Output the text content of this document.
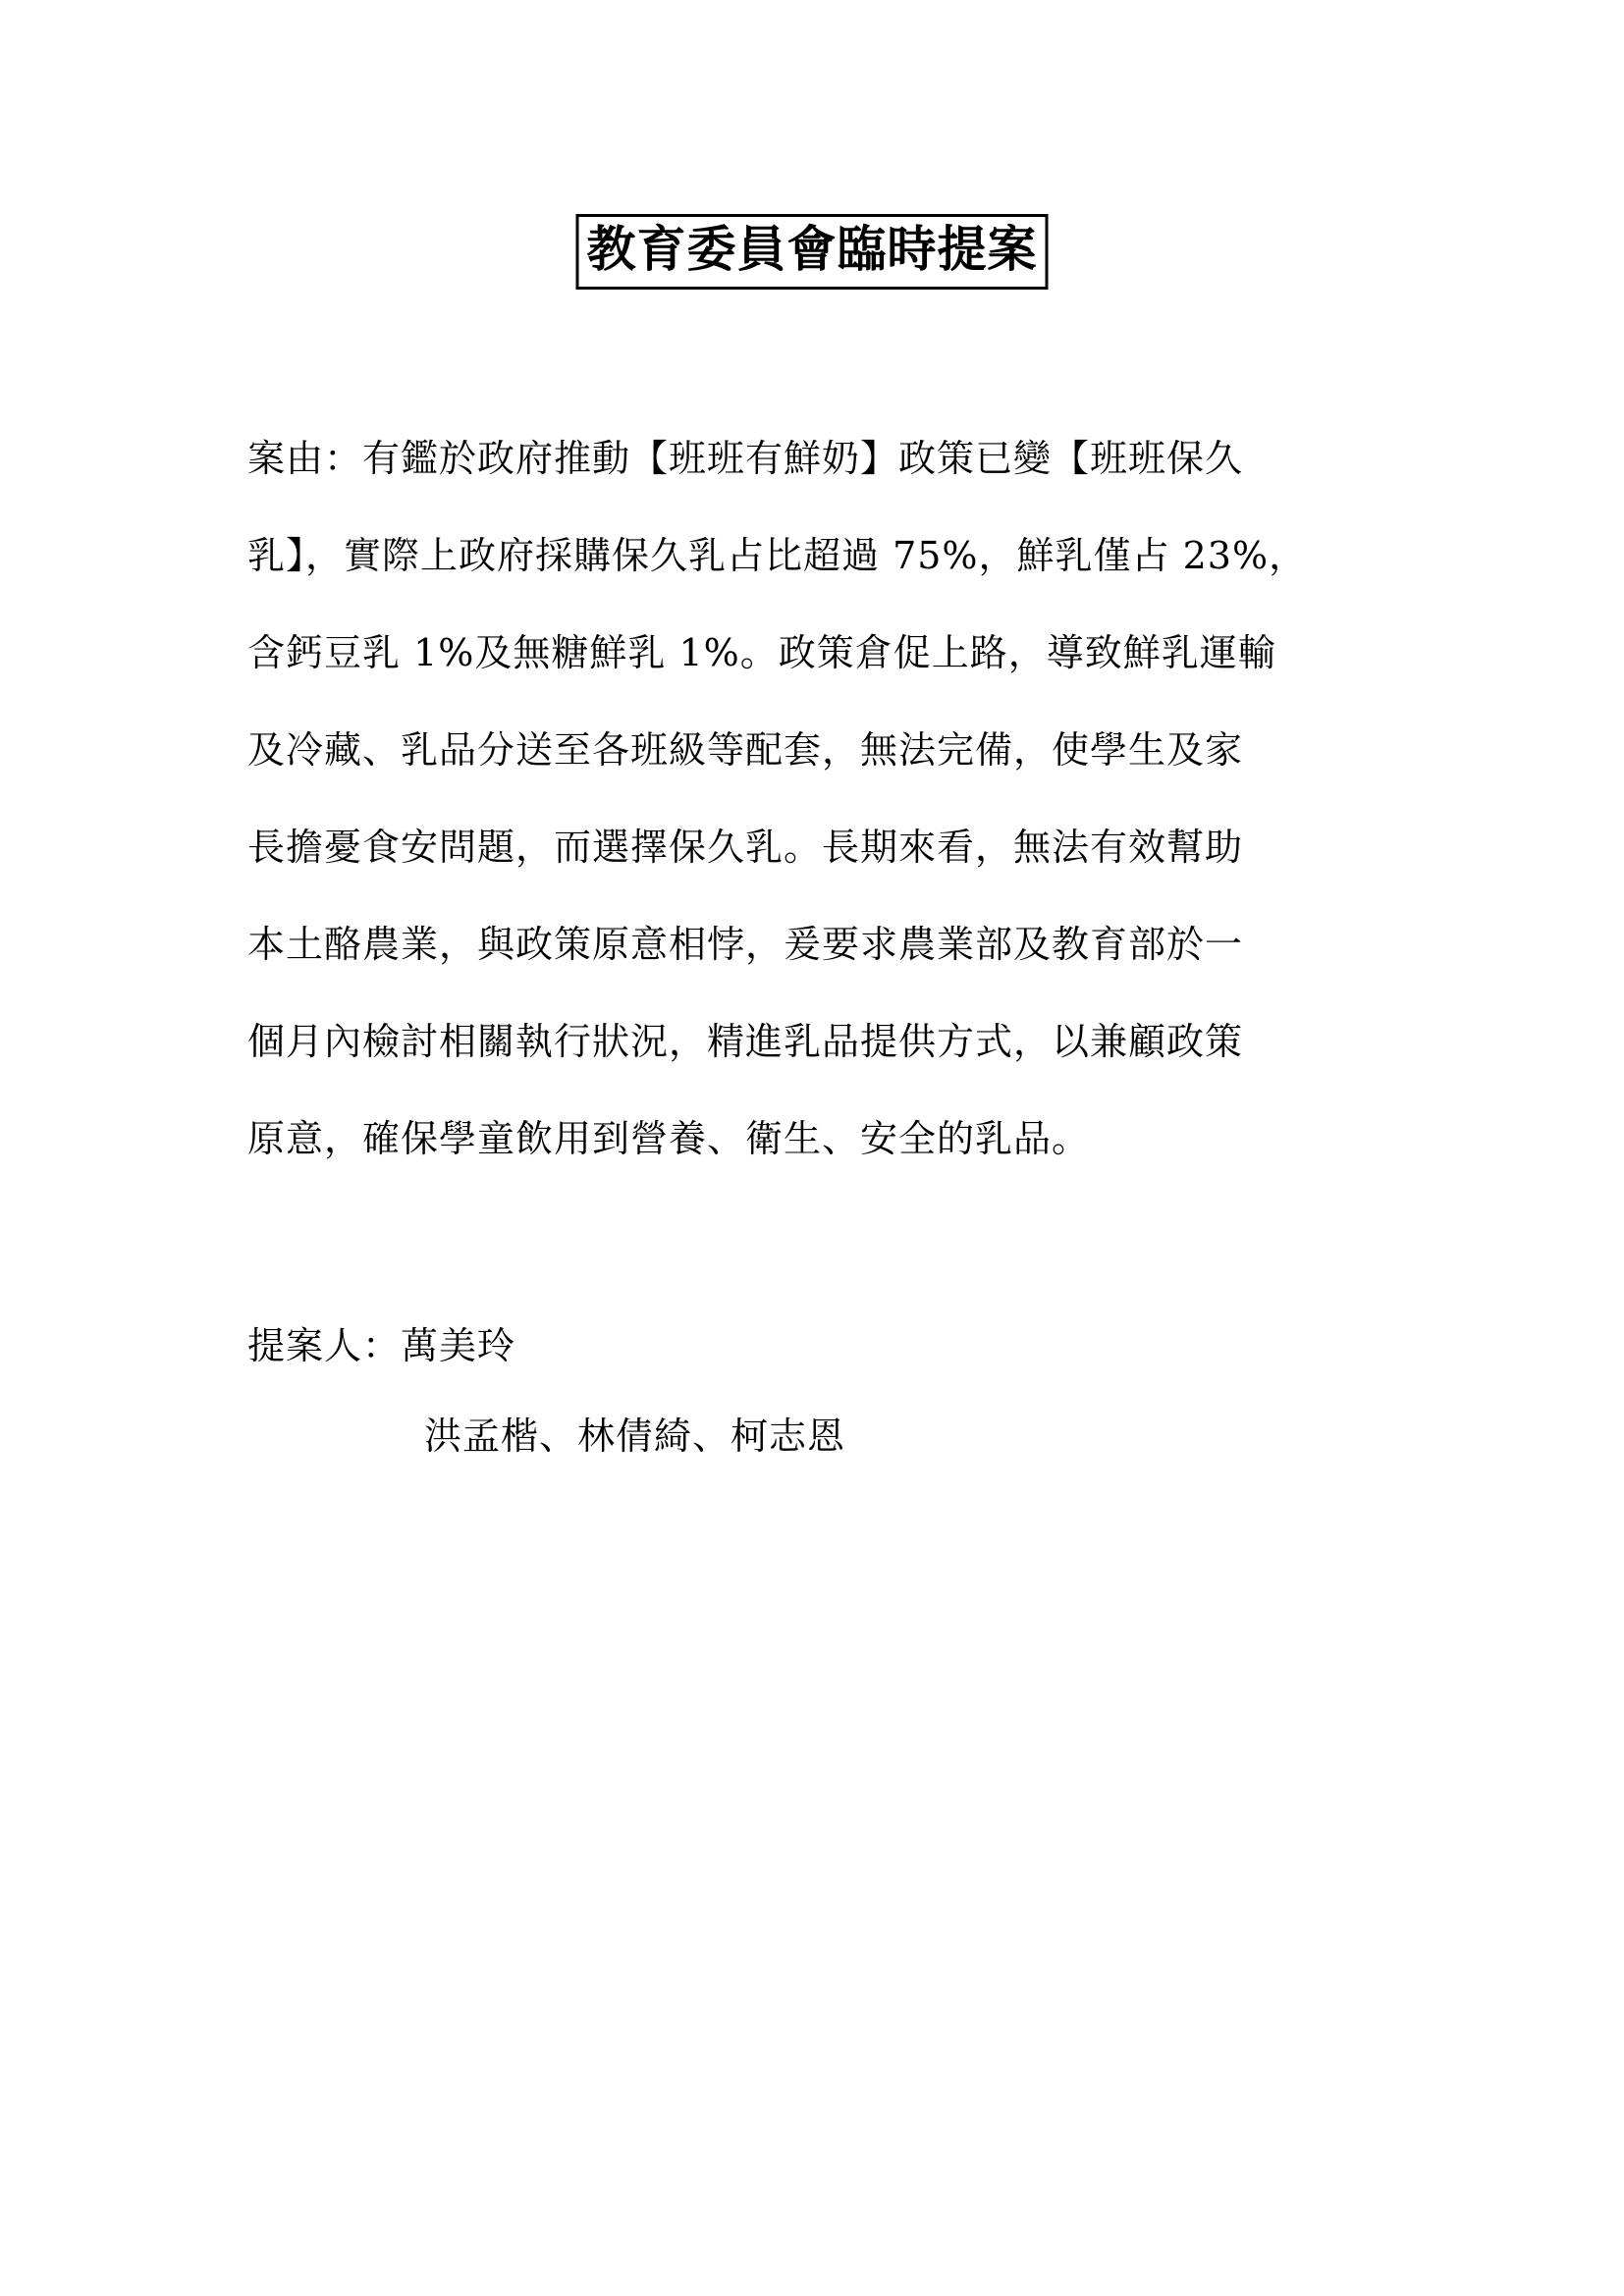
教育委員會臨時提案
案由：有鑑於政府推動【班班有鮮奶】政策已變【班班保久
乳】，實際上政府採購保久乳占比超過 75%，鮮乳僅占 23%，
含鈣豆乳 1%及無糖鮮乳 1%。政策倉促上路，導致鮮乳運輸
及冷藏、乳品分送至各班級等配套，無法完備，使學生及家
長擔憂食安問題，而選擇保久乳。長期來看，無法有效幫助
本土酪農業，與政策原意相悖，爰要求農業部及教育部於一
個月內檢討相關執行狀況，精進乳品提供方式，以兼顧政策
原意，確保學童飲用到營養、衛生、安全的乳品。
提案人：萬美玲
洪孟楷、林倩綺、柯志恩
